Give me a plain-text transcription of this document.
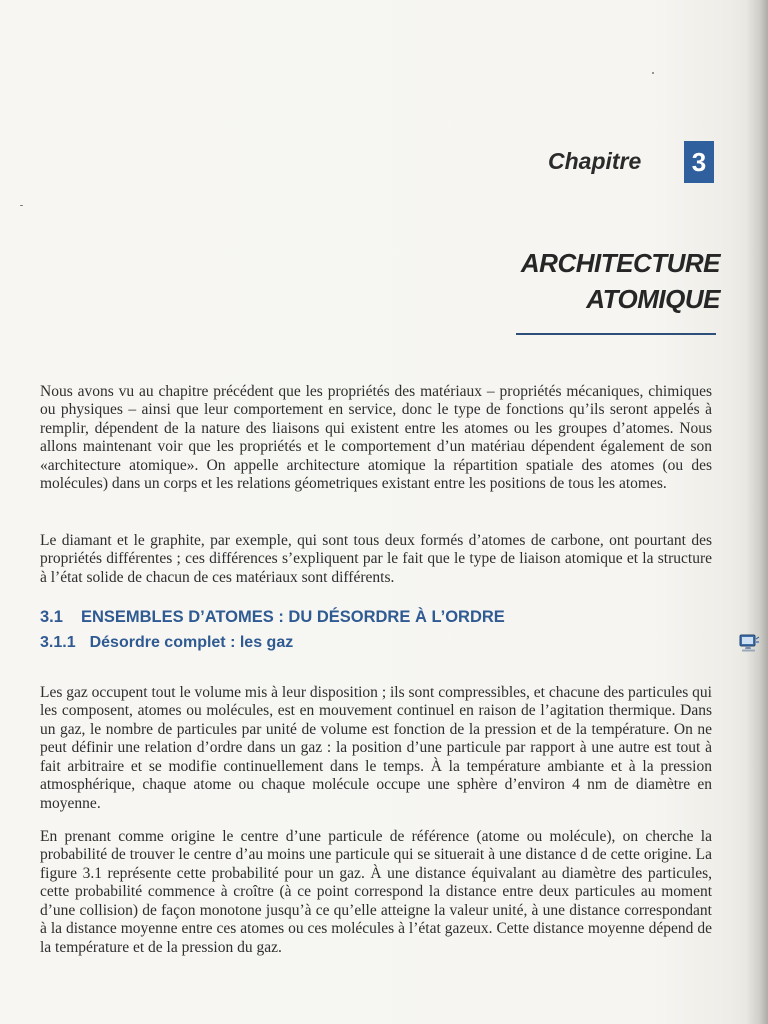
Chapitre 3
ARCHITECTURE
ATOMIQUE

Nous avons vu au chapitre précédent que les propriétés des matériaux – propriétés mécaniques, chimiques ou physiques – ainsi que leur comportement en service, donc le type de fonctions qu’ils seront appelés à remplir, dépendent de la nature des liaisons qui existent entre les atomes ou les groupes d’atomes. Nous allons maintenant voir que les propriétés et le comportement d’un matériau dépendent également de son «architecture atomique». On appelle architecture atomique la répartition spatiale des atomes (ou des molécules) dans un corps et les relations géometriques existant entre les positions de tous les atomes.

Le diamant et le graphite, par exemple, qui sont tous deux formés d’atomes de carbone, ont pourtant des propriétés différentes ; ces différences s’expliquent par le fait que le type de liaison atomique et la structure à l’état solide de chacun de ces matériaux sont différents.

3.1 ENSEMBLES D’ATOMES : DU DÉSORDRE À L’ORDRE
3.1.1 Désordre complet : les gaz

Les gaz occupent tout le volume mis à leur disposition ; ils sont compressibles, et chacune des particules qui les composent, atomes ou molécules, est en mouvement continuel en raison de l’agitation thermique. Dans un gaz, le nombre de particules par unité de volume est fonction de la pression et de la température. On ne peut définir une relation d’ordre dans un gaz : la position d’une particule par rapport à une autre est tout à fait arbitraire et se modifie continuellement dans le temps. À la température ambiante et à la pression atmosphérique, chaque atome ou chaque molécule occupe une sphère d’environ 4 nm de diamètre en moyenne.

En prenant comme origine le centre d’une particule de référence (atome ou molécule), on cherche la probabilité de trouver le centre d’au moins une particule qui se situerait à une distance d de cette origine. La figure 3.1 représente cette probabilité pour un gaz. À une distance équivalant au diamètre des particules, cette probabilité commence à croître (à ce point correspond la distance entre deux particules au moment d’une collision) de façon monotone jusqu’à ce qu’elle atteigne la valeur unité, à une distance correspondant à la distance moyenne entre ces atomes ou ces molécules à l’état gazeux. Cette distance moyenne dépend de la température et de la pression du gaz.
